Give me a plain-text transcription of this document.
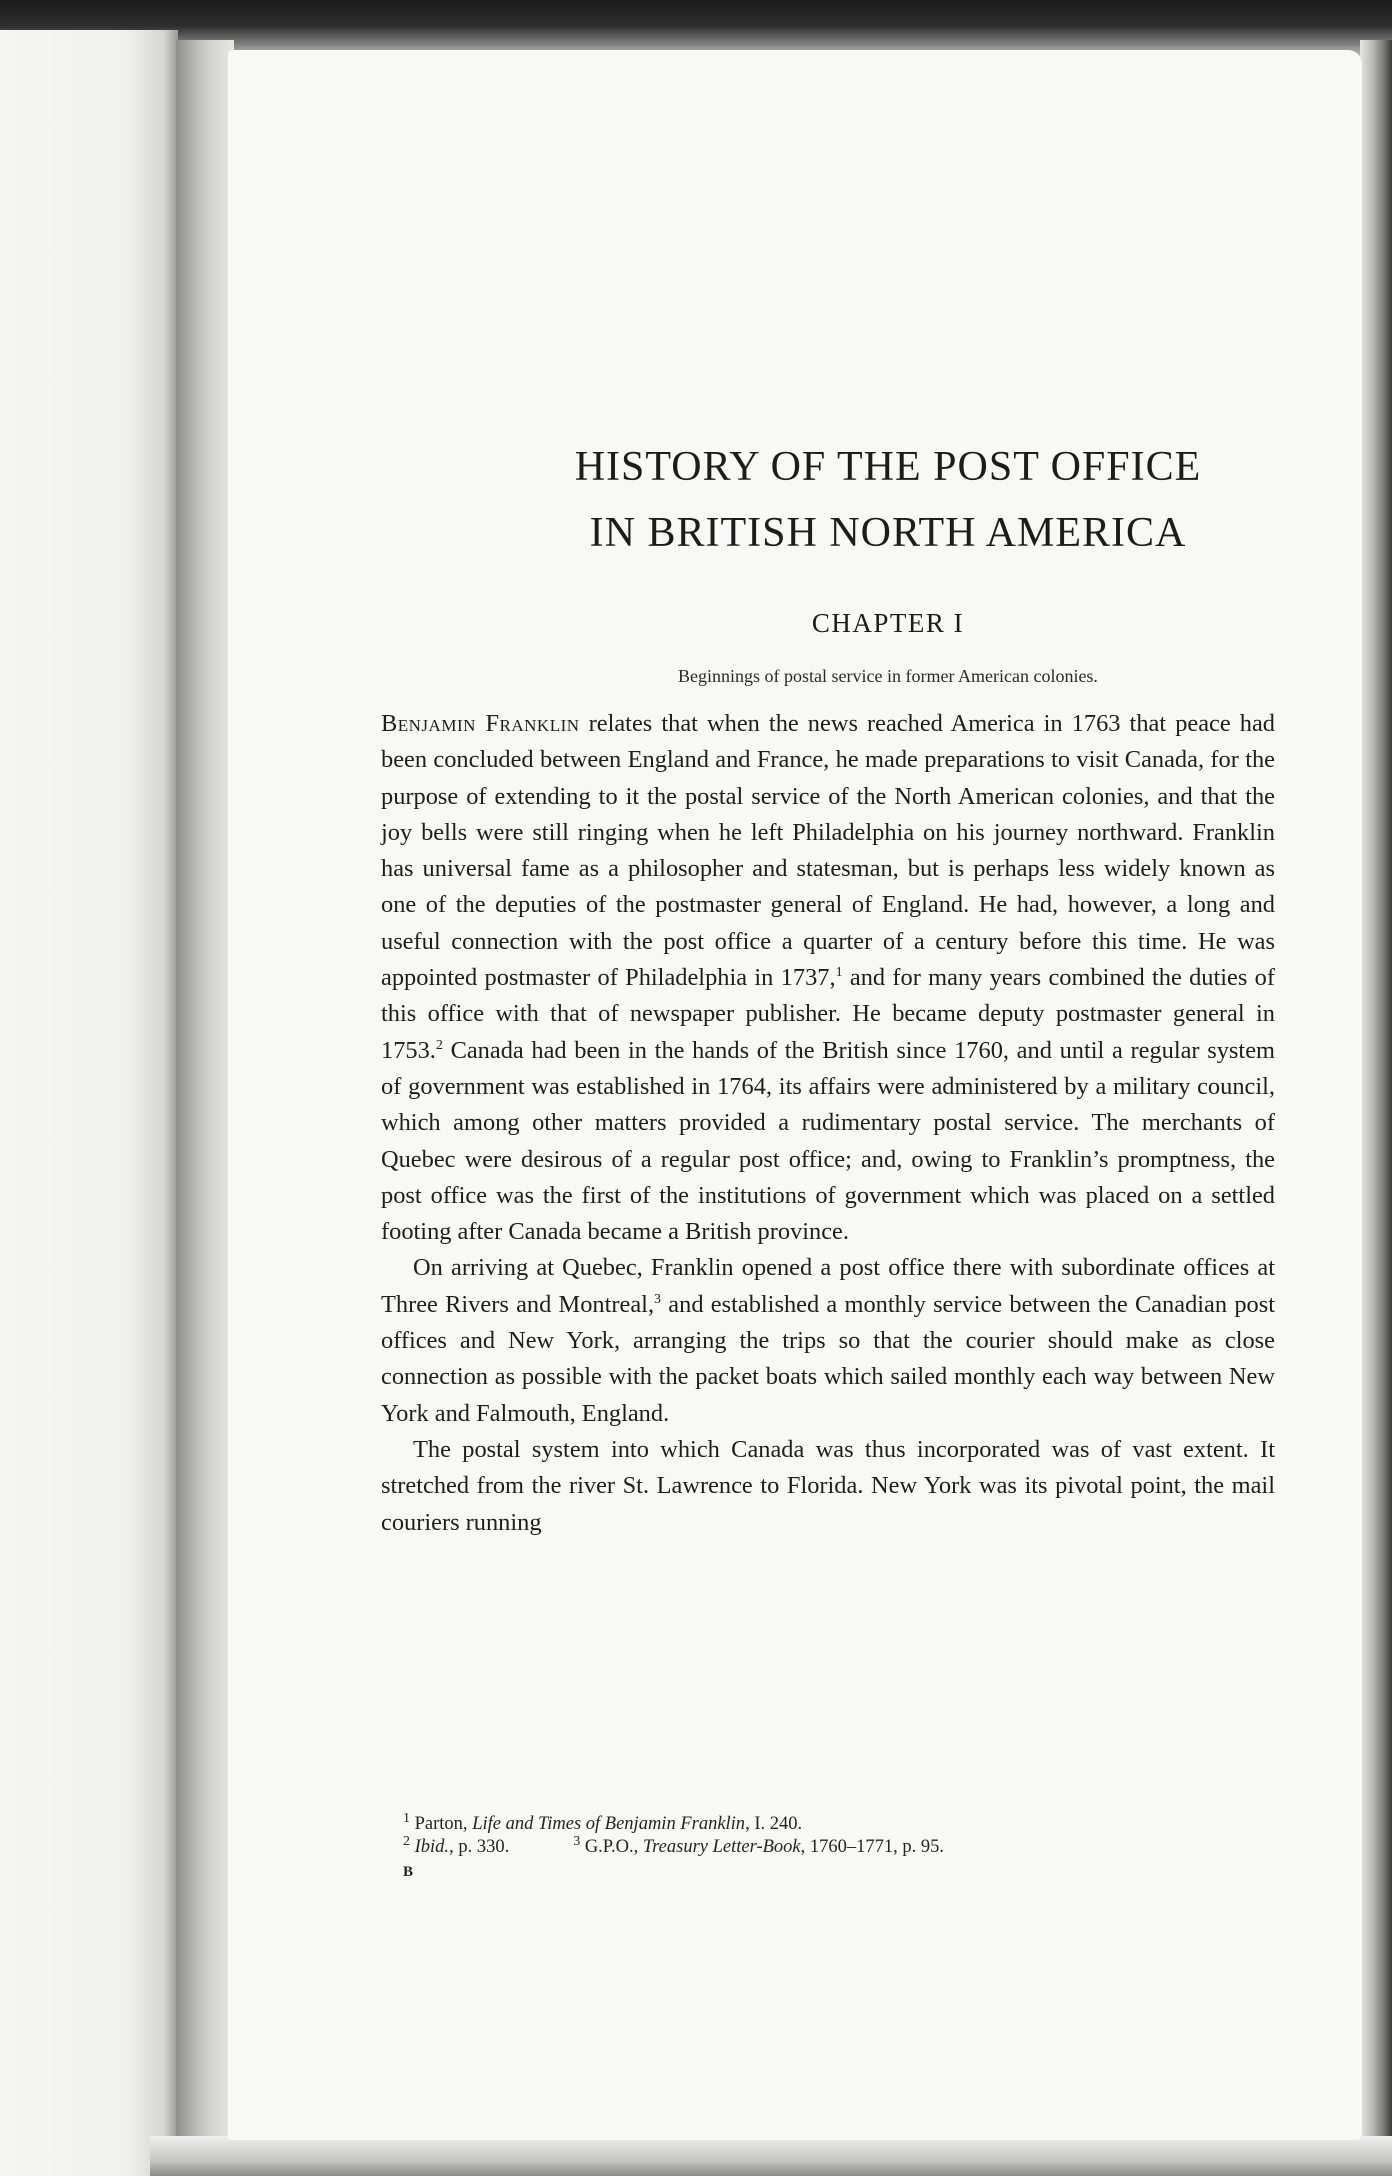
HISTORY OF THE POST OFFICE
IN BRITISH NORTH AMERICA
CHAPTER I
Beginnings of postal service in former American colonies.

Benjamin Franklin relates that when the news reached America in 1763 that peace had been concluded between England and France, he made preparations to visit Canada, for the purpose of extending to it the postal service of the North American colonies, and that the joy bells were still ringing when he left Philadelphia on his journey northward. Franklin has universal fame as a philosopher and statesman, but is perhaps less widely known as one of the deputies of the postmaster general of England. He had, however, a long and useful connection with the post office a quarter of a century before this time. He was appointed postmaster of Philadelphia in 1737,$^1$ and for many years combined the duties of this office with that of newspaper publisher. He became deputy postmaster general in 1753.$^2$ Canada had been in the hands of the British since 1760, and until a regular system of government was established in 1764, its affairs were administered by a military council, which among other matters provided a rudimentary postal service. The merchants of Quebec were desirous of a regular post office; and, owing to Franklin’s promptness, the post office was the first of the institutions of government which was placed on a settled footing after Canada became a British province.

On arriving at Quebec, Franklin opened a post office there with subordinate offices at Three Rivers and Montreal,$^3$ and established a monthly service between the Canadian post offices and New York, arranging the trips so that the courier should make as close connection as possible with the packet boats which sailed monthly each way between New York and Falmouth, England.

The postal system into which Canada was thus incorporated was of vast extent. It stretched from the river St. Lawrence to Florida. New York was its pivotal point, the mail couriers running

$^1$ Parton, Life and Times of Benjamin Franklin, I. 240.
$^2$ Ibid., p. 330.	$^3$ G.P.O., Treasury Letter-Book, 1760–1771, p. 95.
B
